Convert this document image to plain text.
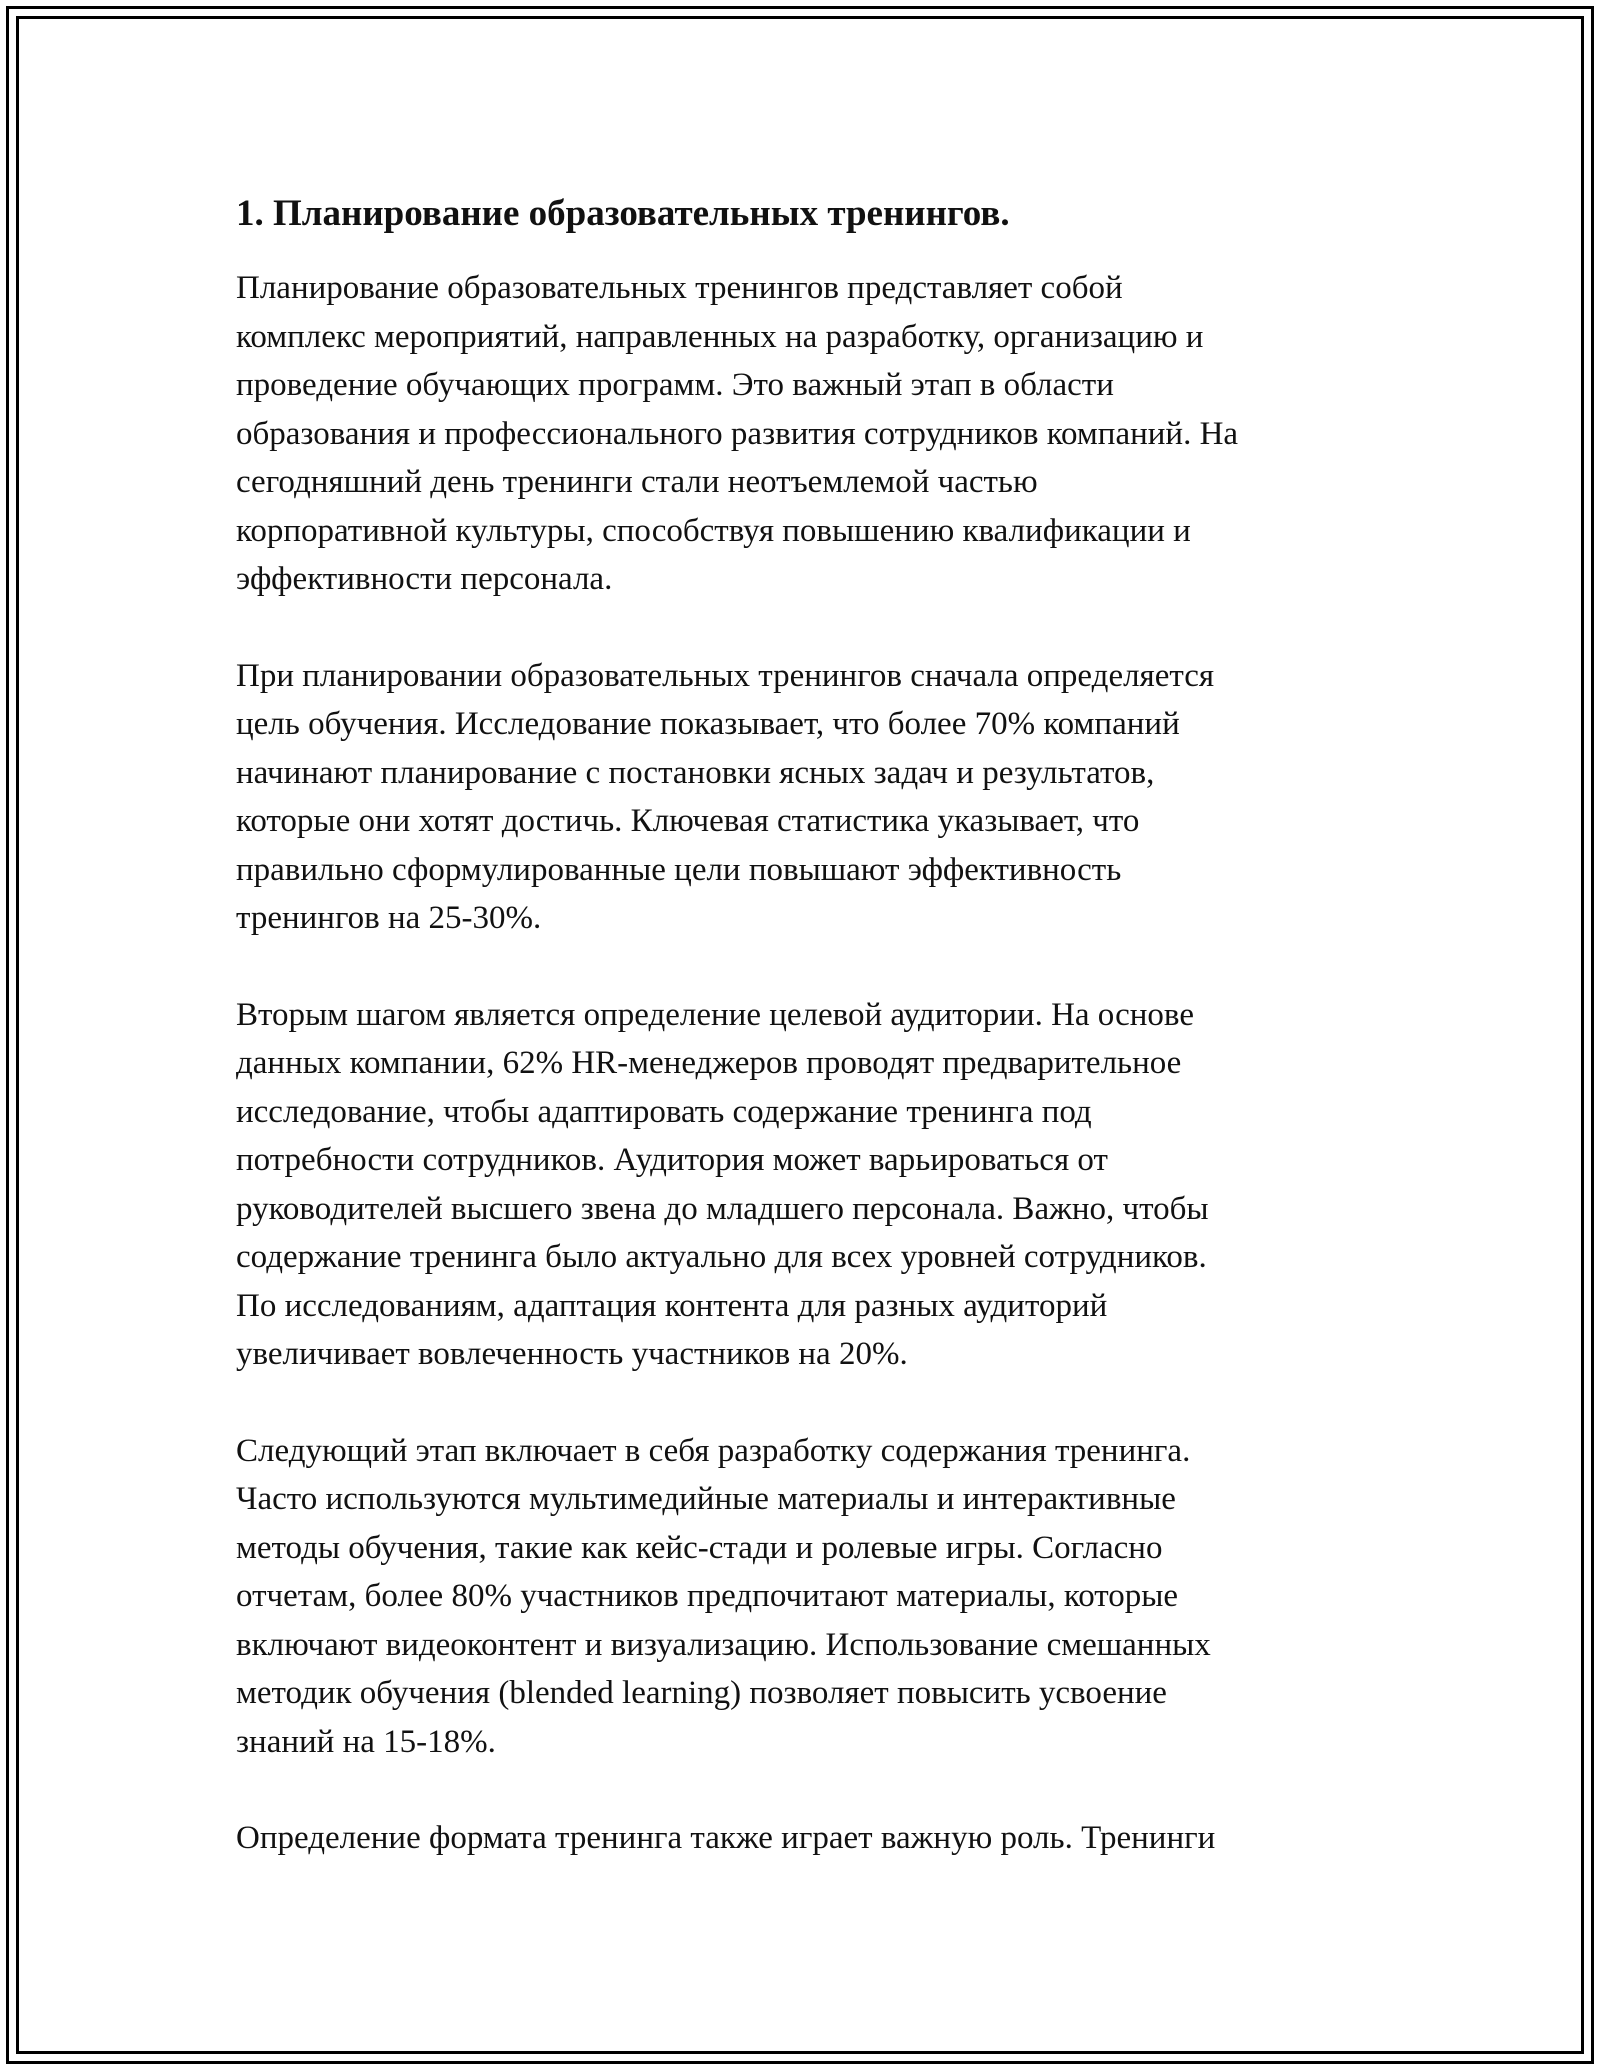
1. Планирование образовательных тренингов.

Планирование образовательных тренингов представляет собой
комплекс мероприятий, направленных на разработку, организацию и
проведение обучающих программ. Это важный этап в области
образования и профессионального развития сотрудников компаний. На
сегодняшний день тренинги стали неотъемлемой частью
корпоративной культуры, способствуя повышению квалификации и
эффективности персонала.

При планировании образовательных тренингов сначала определяется
цель обучения. Исследование показывает, что более 70% компаний
начинают планирование с постановки ясных задач и результатов,
которые они хотят достичь. Ключевая статистика указывает, что
правильно сформулированные цели повышают эффективность
тренингов на 25-30%.

Вторым шагом является определение целевой аудитории. На основе
данных компании, 62% HR-менеджеров проводят предварительное
исследование, чтобы адаптировать содержание тренинга под
потребности сотрудников. Аудитория может варьироваться от
руководителей высшего звена до младшего персонала. Важно, чтобы
содержание тренинга было актуально для всех уровней сотрудников.
По исследованиям, адаптация контента для разных аудиторий
увеличивает вовлеченность участников на 20%.

Следующий этап включает в себя разработку содержания тренинга.
Часто используются мультимедийные материалы и интерактивные
методы обучения, такие как кейс-стади и ролевые игры. Согласно
отчетам, более 80% участников предпочитают материалы, которые
включают видеоконтент и визуализацию. Использование смешанных
методик обучения (blended learning) позволяет повысить усвоение
знаний на 15-18%.

Определение формата тренинга также играет важную роль. Тренинги
